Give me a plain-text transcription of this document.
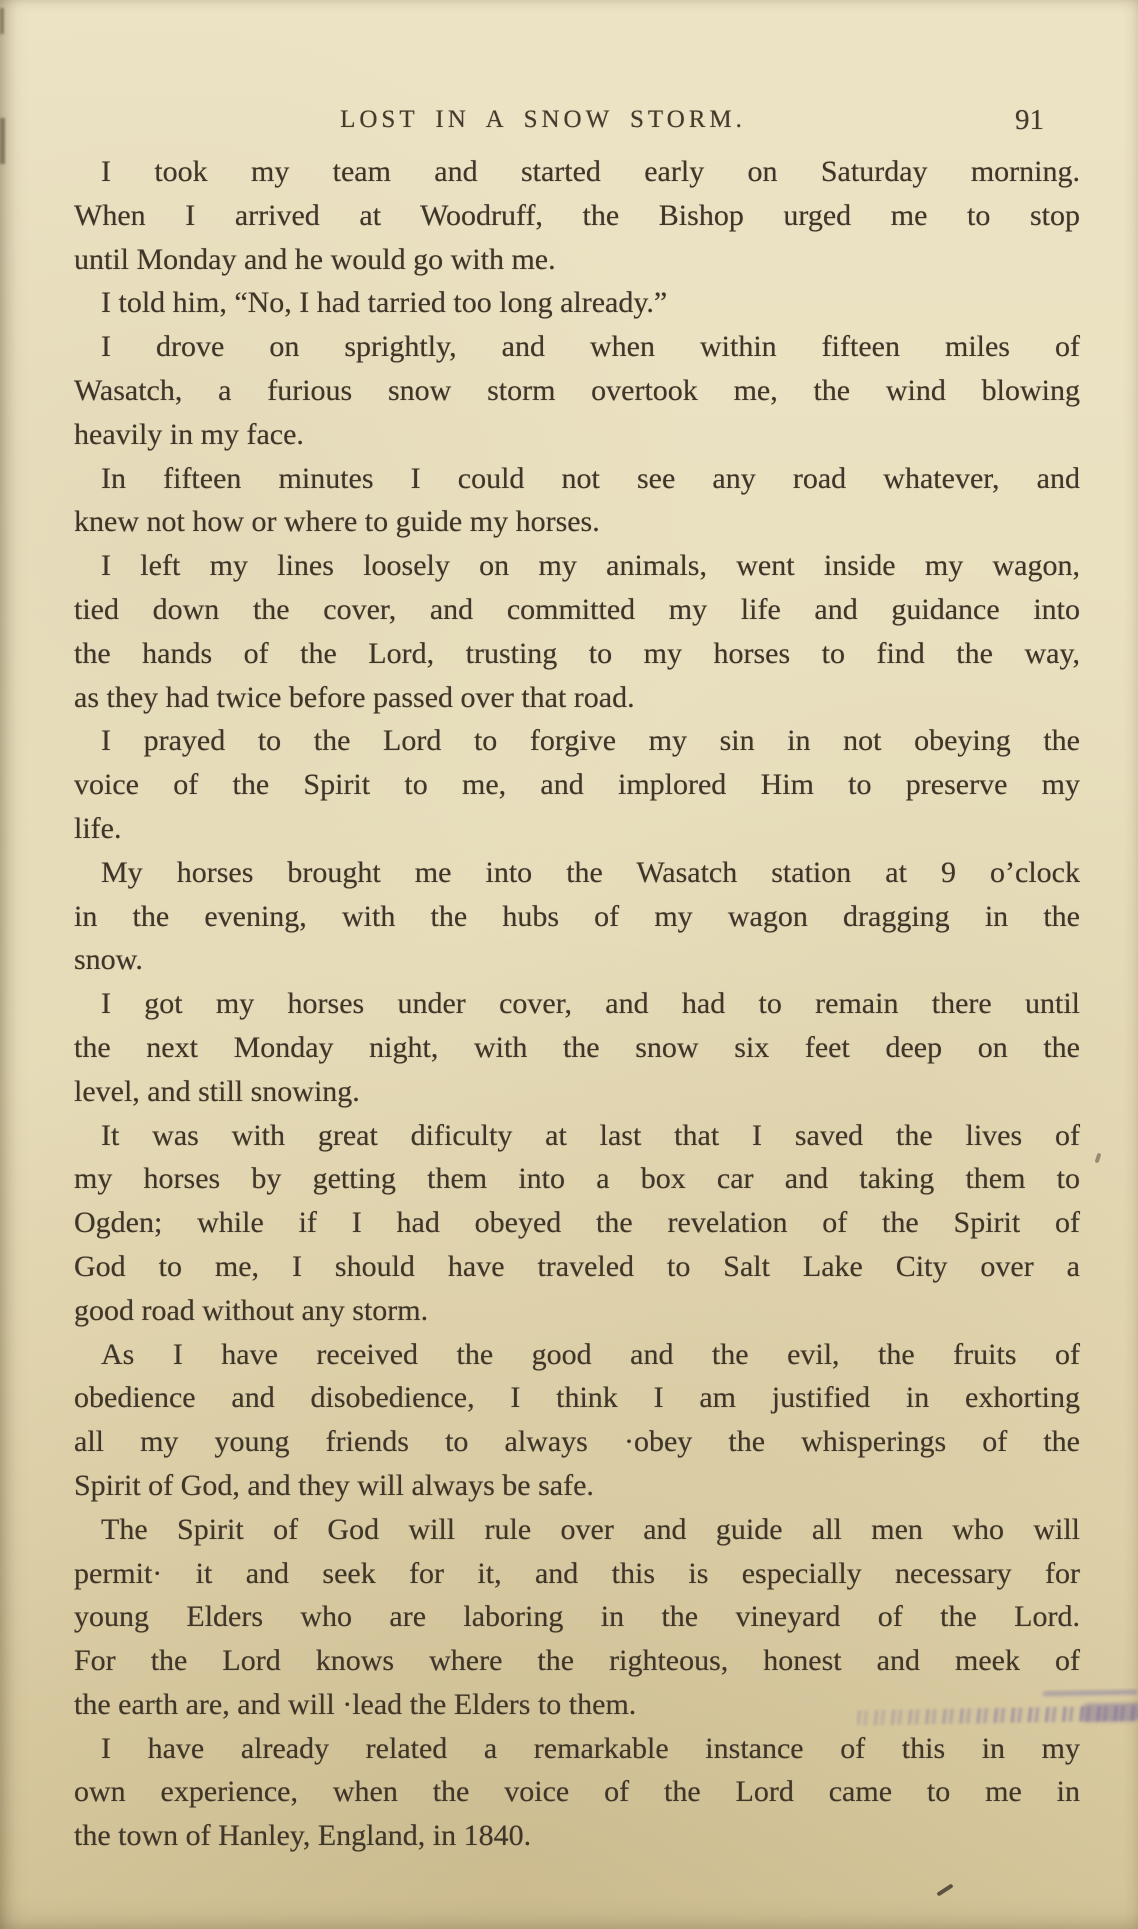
LOST IN A SNOW STORM.	91
I took my team and started early on Saturday morning.
When I arrived at Woodruff, the Bishop urged me to stop
until Monday and he would go with me.
I told him, “No, I had tarried too long already.”
I drove on sprightly, and when within fifteen miles of
Wasatch, a furious snow storm overtook me, the wind blowing
heavily in my face.
In fifteen minutes I could not see any road whatever, and
knew not how or where to guide my horses.
I left my lines loosely on my animals, went inside my wagon,
tied down the cover, and committed my life and guidance into
the hands of the Lord, trusting to my horses to find the way,
as they had twice before passed over that road.
I prayed to the Lord to forgive my sin in not obeying the
voice of the Spirit to me, and implored Him to preserve my
life.
My horses brought me into the Wasatch station at 9 o’clock
in the evening, with the hubs of my wagon dragging in the
snow.
I got my horses under cover, and had to remain there until
the next Monday night, with the snow six feet deep on the
level, and still snowing.
It was with great dificulty at last that I saved the lives of
my horses by getting them into a box car and taking them to
Ogden; while if I had obeyed the revelation of the Spirit of
God to me, I should have traveled to Salt Lake City over a
good road without any storm.
As I have received the good and the evil, the fruits of
obedience and disobedience, I think I am justified in exhorting
all my young friends to always ·obey the whisperings of the
Spirit of God, and they will always be safe.
The Spirit of God will rule over and guide all men who will
permit· it and seek for it, and this is especially necessary for
young Elders who are laboring in the vineyard of the Lord.
For the Lord knows where the righteous, honest and meek of
the earth are, and will ·lead the Elders to them.
I have already related a remarkable instance of this in my
own experience, when the voice of the Lord came to me in
the town of Hanley, England, in 1840.
